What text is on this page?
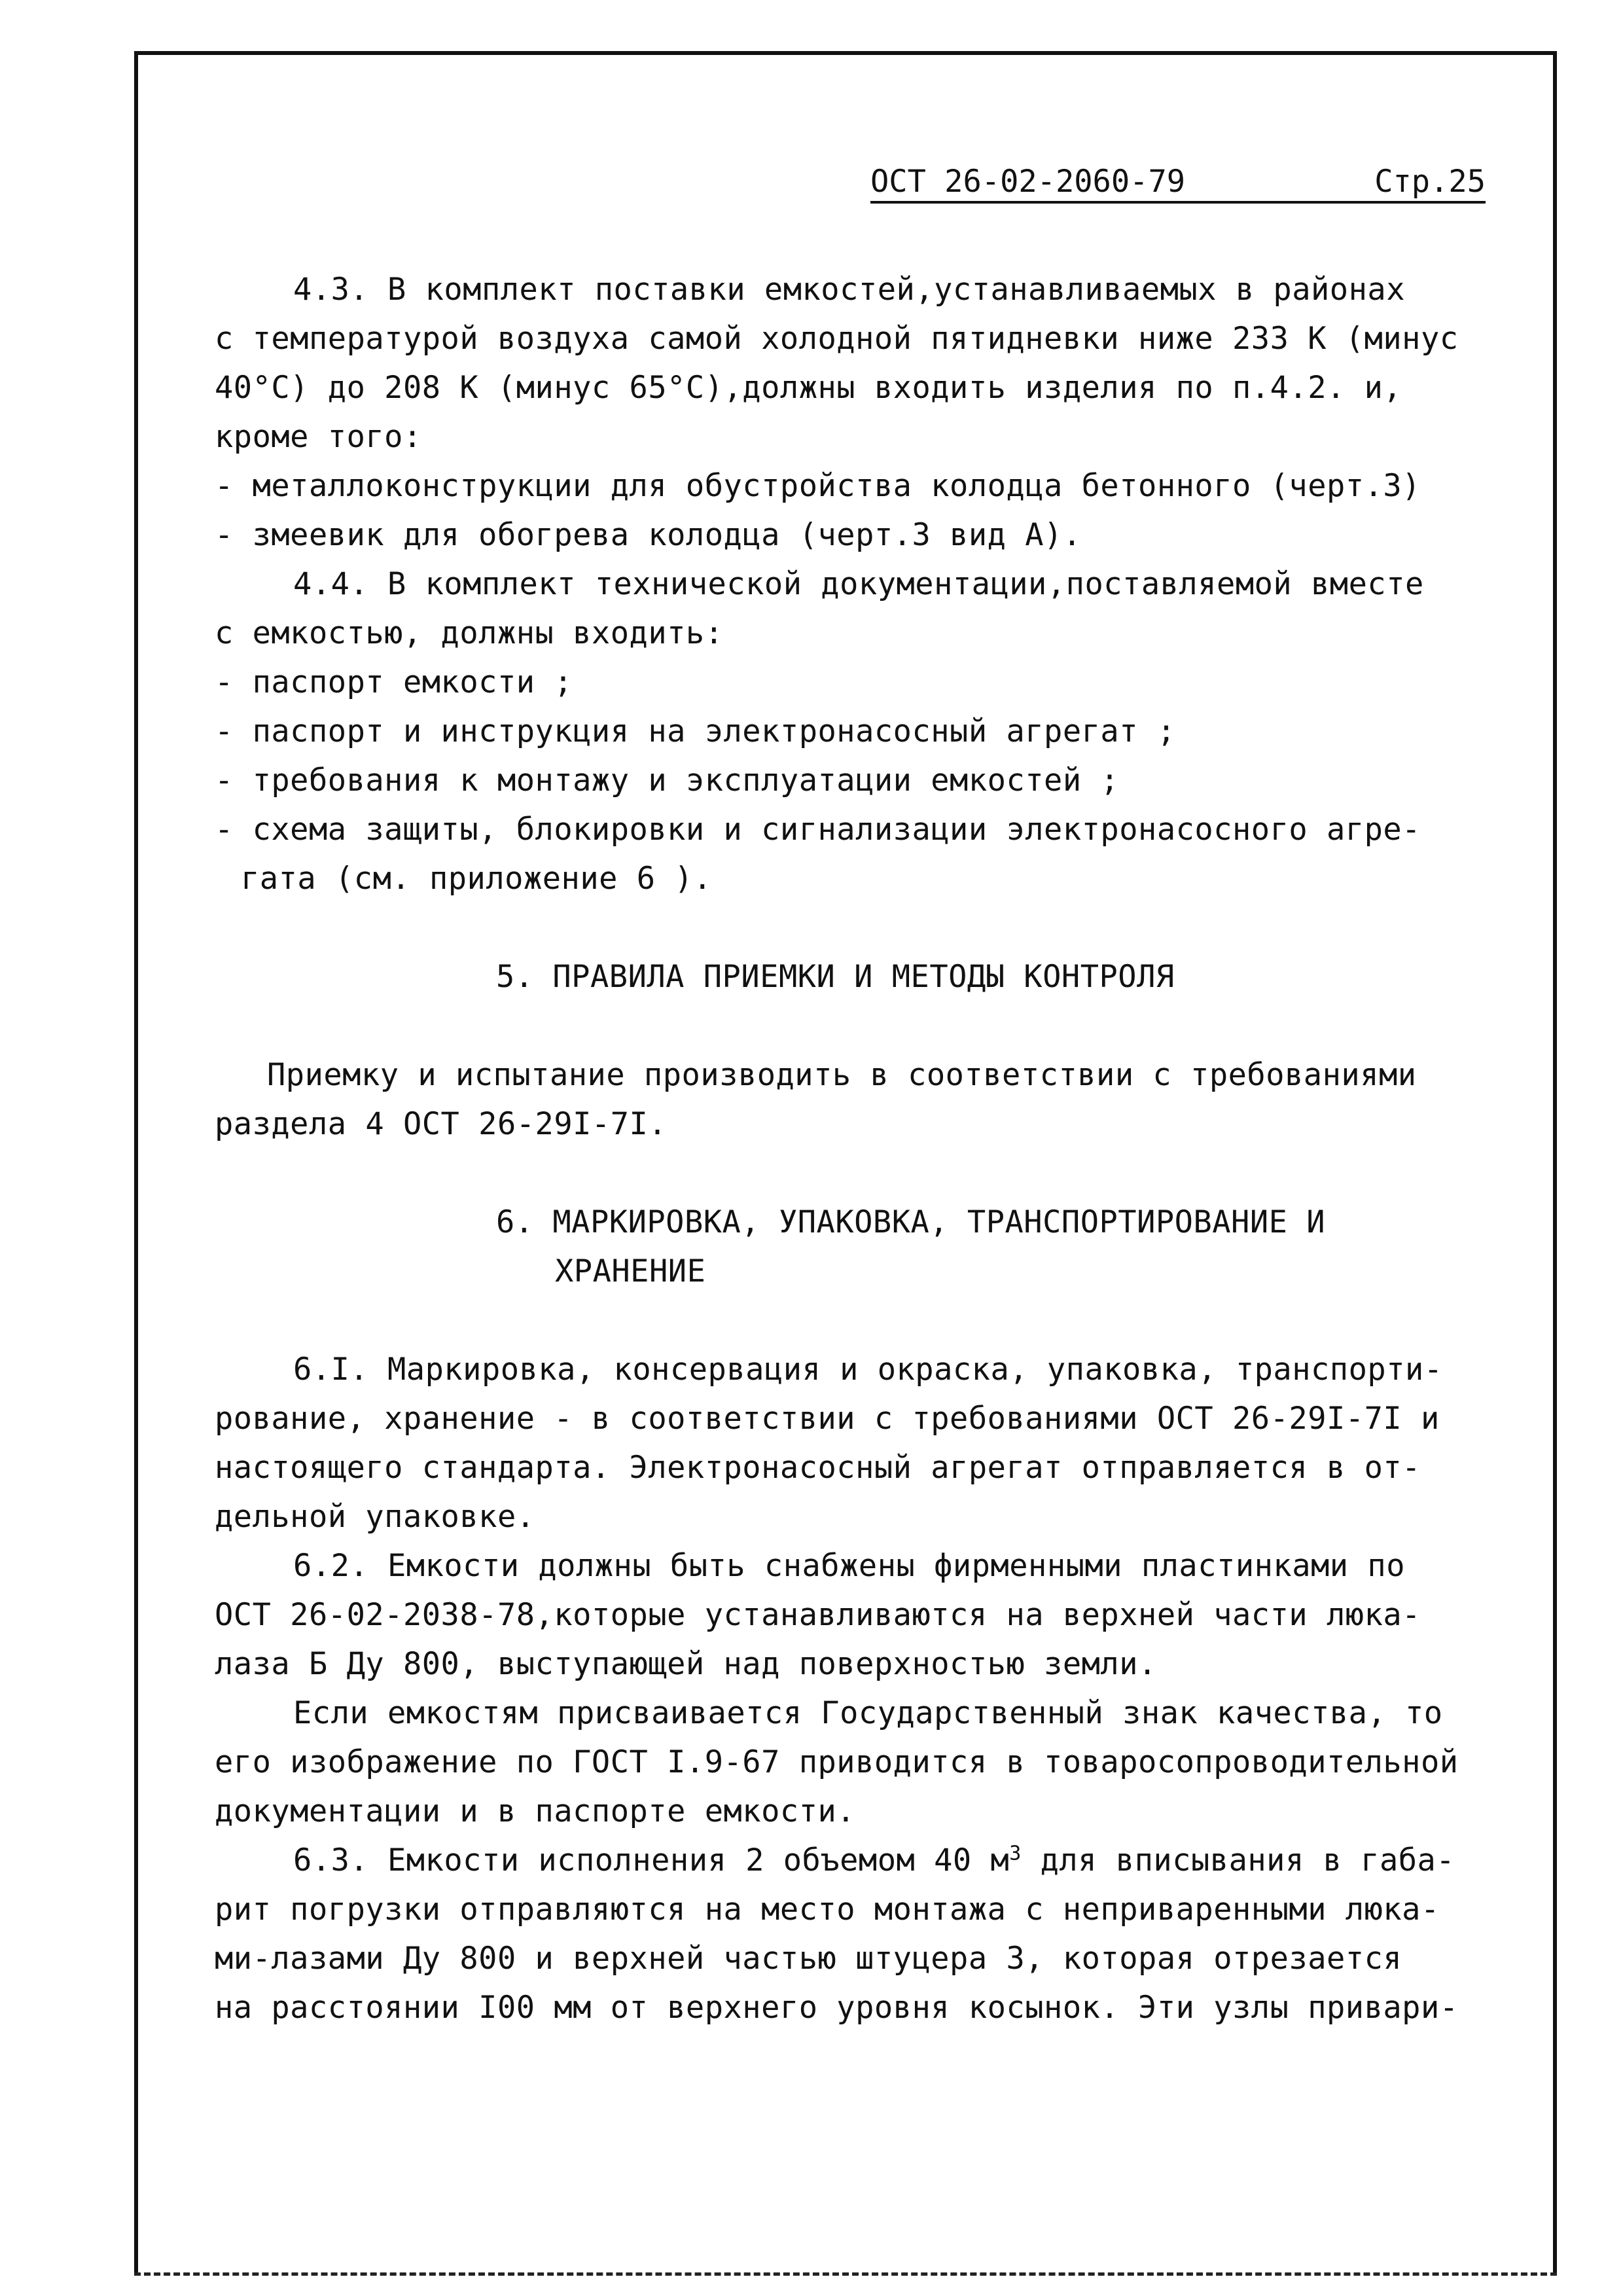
ОСТ 26-02-2060-79	Стр.25

4.3. В комплект поставки емкостей,устанавливаемых в районах

с температурой воздуха самой холодной пятидневки ниже 233 К (минус

40°С) до 208 К (минус 65°С),должны входить изделия по п.4.2. и,

кроме того:

- металлоконструкции для обустройства колодца бетонного (черт.3)

- змеевик для обогрева колодца (черт.3 вид А).

4.4. В комплект технической документации,поставляемой вместе

с емкостью, должны входить:

- паспорт емкости ;

- паспорт и инструкция на электронасосный агрегат ;

- требования к монтажу и эксплуатации емкостей ;

- схема защиты, блокировки и сигнализации электронасосного агре-

гата (см. приложение 6 ).

5. ПРАВИЛА ПРИЕМКИ И МЕТОДЫ КОНТРОЛЯ

Приемку и испытание производить в соответствии с требованиями

раздела 4 ОСТ 26-29I-7I.

6. МАРКИРОВКА, УПАКОВКА, ТРАНСПОРТИРОВАНИЕ И

ХРАНЕНИЕ

6.I. Маркировка, консервация и окраска, упаковка, транспорти-

рование, хранение - в соответствии с требованиями ОСТ 26-29I-7I и

настоящего стандарта. Электронасосный агрегат отправляется в от-

дельной упаковке.

6.2. Емкости должны быть снабжены фирменными пластинками по

ОСТ 26-02-2038-78,которые устанавливаются на верхней части люка-

лаза Б Ду 800, выступающей над поверхностью земли.

Если емкостям присваивается Государственный знак качества, то

его изображение по ГОСТ I.9-67 приводится в товаросопроводительной

документации и в паспорте емкости.

6.3. Емкости исполнения 2 объемом 40 $м^3$ для вписывания в габа-

рит погрузки отправляются на место монтажа с неприваренными люка-

ми-лазами Ду 800 и верхней частью штуцера 3, которая отрезается

на расстоянии I00 мм от верхнего уровня косынок. Эти узлы привари-
